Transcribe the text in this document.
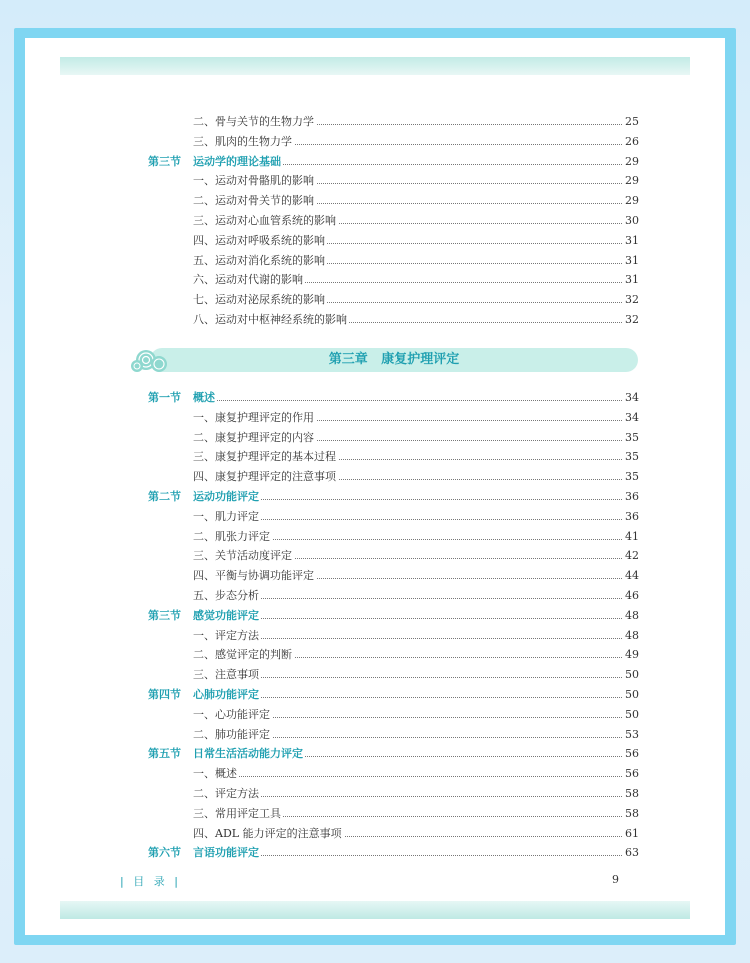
二、骨与关节的生物力学	25
三、肌肉的生物力学	26
第三节 运动学的理论基础	29
一、运动对骨骼肌的影响	29
二、运动对骨关节的影响	29
三、运动对心血管系统的影响	30
四、运动对呼吸系统的影响	31
五、运动对消化系统的影响	31
六、运动对代谢的影响	31
七、运动对泌尿系统的影响	32
八、运动对中枢神经系统的影响	32
第三章   康复护理评定
第一节 概述	34
一、康复护理评定的作用	34
二、康复护理评定的内容	35
三、康复护理评定的基本过程	35
四、康复护理评定的注意事项	35
第二节 运动功能评定	36
一、肌力评定	36
二、肌张力评定	41
三、关节活动度评定	42
四、平衡与协调功能评定	44
五、步态分析	46
第三节 感觉功能评定	48
一、评定方法	48
二、感觉评定的判断	49
三、注意事项	50
第四节 心肺功能评定	50
一、心功能评定	50
二、肺功能评定	53
第五节 日常生活活动能力评定	56
一、概述	56
二、评定方法	58
三、常用评定工具	58
四、ADL 能力评定的注意事项	61
第六节 言语功能评定	63
| 目 录 |	9
